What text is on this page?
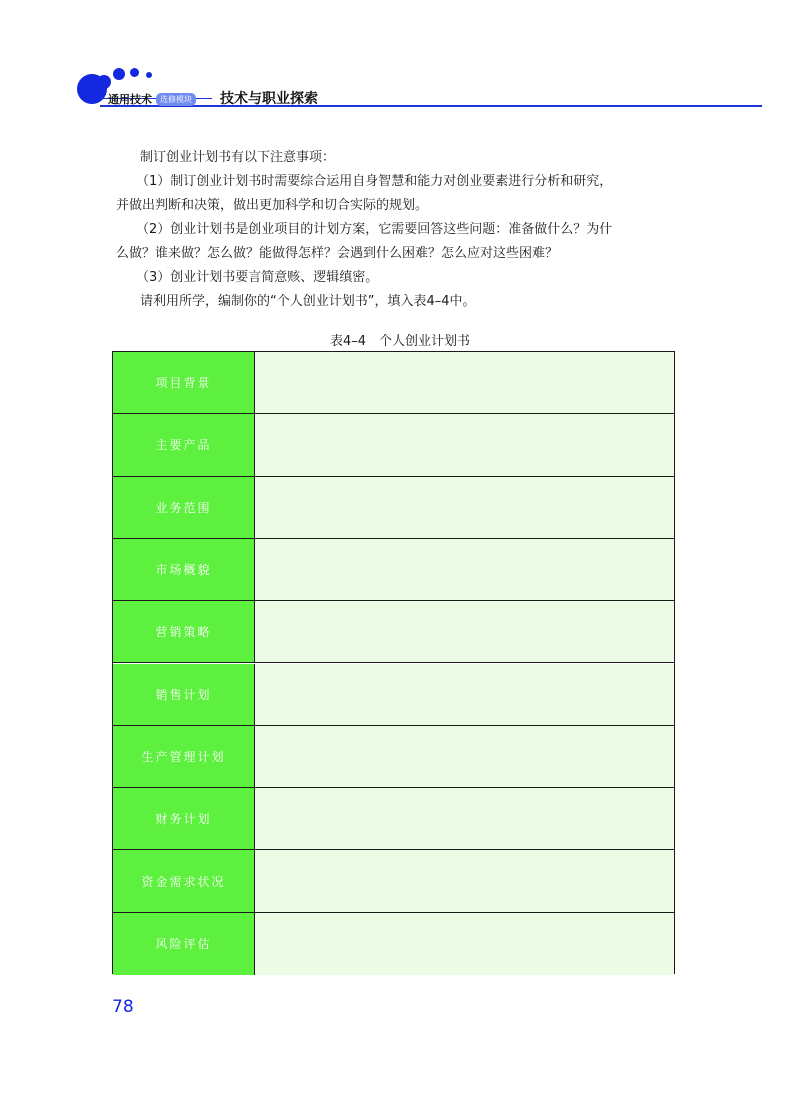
通用技术	选修模块 技术与职业探索
制订创业计划书有以下注意事项：
（1）制订创业计划书时需要综合运用自身智慧和能力对创业要素进行分析和研究，
并做出判断和决策，做出更加科学和切合实际的规划。
（2）创业计划书是创业项目的计划方案，它需要回答这些问题：准备做什么？为什
么做？谁来做？怎么做？能做得怎样？会遇到什么困难？怎么应对这些困难？
（3）创业计划书要言简意赅、逻辑缜密。
请利用所学，编制你的“个人创业计划书”，填入表4–4中。
表4–4　个人创业计划书
项目背景
主要产品
业务范围
市场概貌
营销策略
销售计划
生产管理计划
财务计划
资金需求状况
风险评估
78
